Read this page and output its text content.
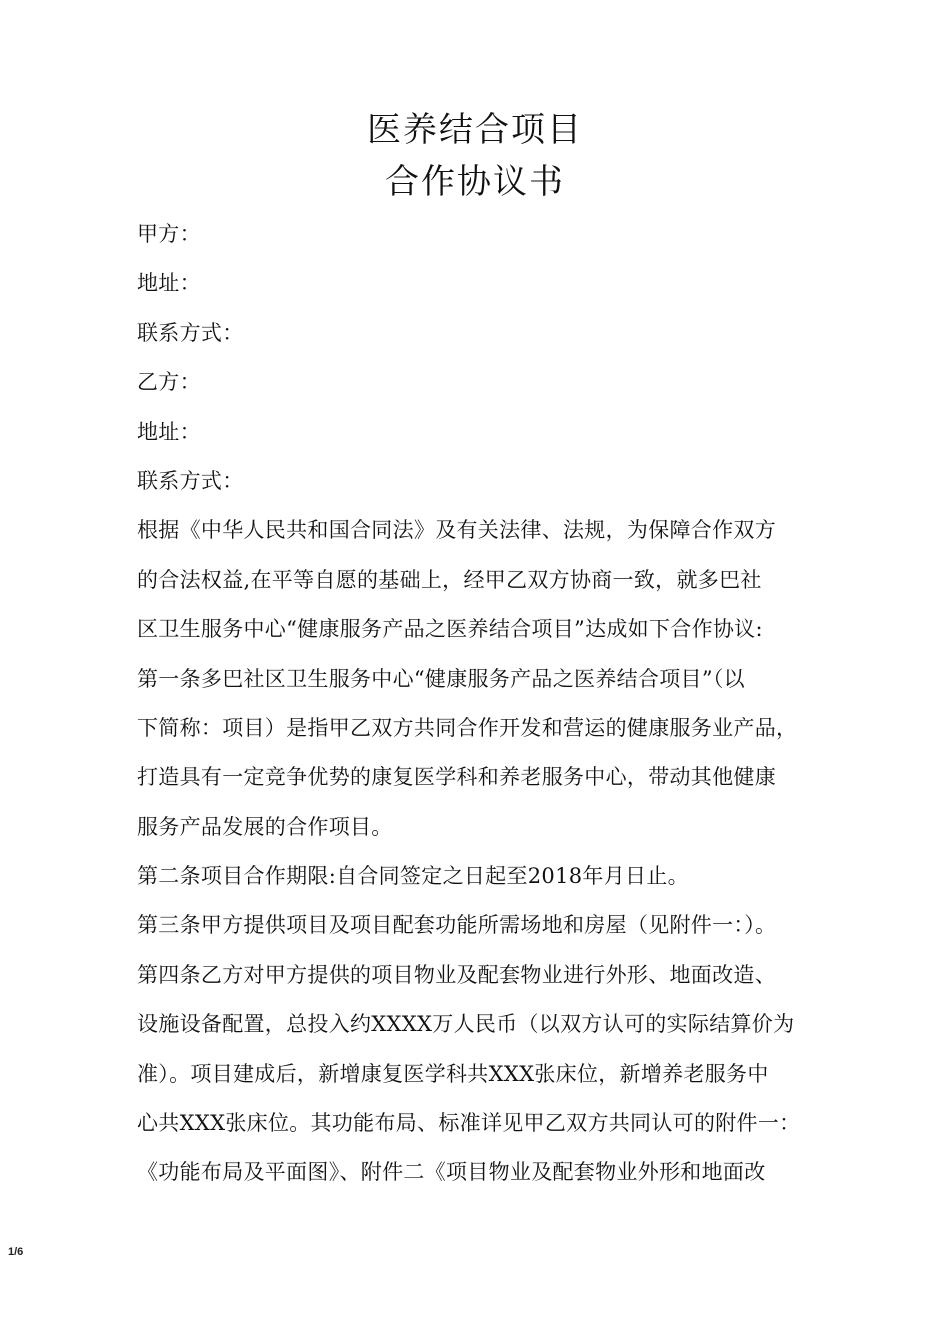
医养结合项目
合作协议书
甲方：
地址：
联系方式：
乙方：
地址：
联系方式：
根据《中华人民共和国合同法》及有关法律、法规，为保障合作双方
的合法权益,在平等自愿的基础上，经甲乙双方协商一致，就多巴社
区卫生服务中心“健康服务产品之医养结合项目”达成如下合作协议:
第一条多巴社区卫生服务中心“健康服务产品之医养结合项目”（以
下简称：项目）是指甲乙双方共同合作开发和营运的健康服务业产品，
打造具有一定竞争优势的康复医学科和养老服务中心，带动其他健康
服务产品发展的合作项目。
第二条项目合作期限:自合同签定之日起至2018年月日止。
第三条甲方提供项目及项目配套功能所需场地和房屋（见附件一：）。
第四条乙方对甲方提供的项目物业及配套物业进行外形、地面改造、
设施设备配置，总投入约XXXX万人民币（以双方认可的实际结算价为
准）。项目建成后，新增康复医学科共XXX张床位，新增养老服务中
心共XXX张床位。其功能布局、标准详见甲乙双方共同认可的附件一：
《功能布局及平面图》、附件二《项目物业及配套物业外形和地面改
1/6
